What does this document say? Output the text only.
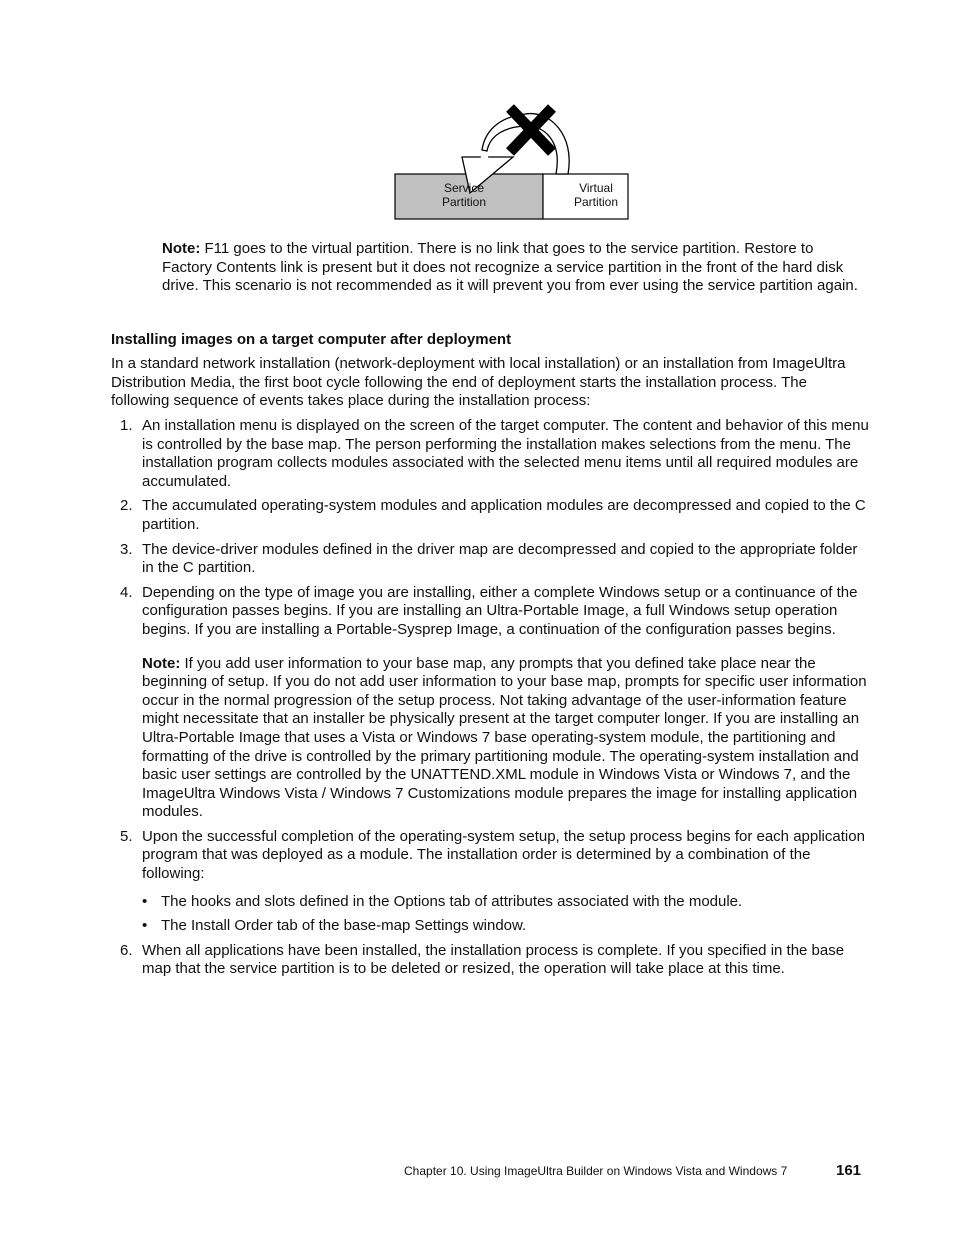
Service
Partition
Virtual
Partition
Note: F11 goes to the virtual partition. There is no link that goes to the service partition. Restore to Factory Contents link is present but it does not recognize a service partition in the front of the hard disk drive. This scenario is not recommended as it will prevent you from ever using the service partition again.
Installing images on a target computer after deployment
In a standard network installation (network-deployment with local installation) or an installation from ImageUltra Distribution Media, the first boot cycle following the end of deployment starts the installation process. The following sequence of events takes place during the installation process:
1. An installation menu is displayed on the screen of the target computer. The content and behavior of this menu is controlled by the base map. The person performing the installation makes selections from the menu. The installation program collects modules associated with the selected menu items until all required modules are accumulated.
2. The accumulated operating-system modules and application modules are decompressed and copied to the C partition.
3. The device-driver modules defined in the driver map are decompressed and copied to the appropriate folder in the C partition.
4. Depending on the type of image you are installing, either a complete Windows setup or a continuance of the configuration passes begins. If you are installing an Ultra-Portable Image, a full Windows setup operation begins. If you are installing a Portable-Sysprep Image, a continuation of the configuration passes begins.
Note: If you add user information to your base map, any prompts that you defined take place near the beginning of setup. If you do not add user information to your base map, prompts for specific user information occur in the normal progression of the setup process. Not taking advantage of the user-information feature might necessitate that an installer be physically present at the target computer longer. If you are installing an Ultra-Portable Image that uses a Vista or Windows 7 base operating-system module, the partitioning and formatting of the drive is controlled by the primary partitioning module. The operating-system installation and basic user settings are controlled by the UNATTEND.XML module in Windows Vista or Windows 7, and the ImageUltra Windows Vista / Windows 7 Customizations module prepares the image for installing application modules.
5. Upon the successful completion of the operating-system setup, the setup process begins for each application program that was deployed as a module. The installation order is determined by a combination of the following:
• The hooks and slots defined in the Options tab of attributes associated with the module.
• The Install Order tab of the base-map Settings window.
6. When all applications have been installed, the installation process is complete. If you specified in the base map that the service partition is to be deleted or resized, the operation will take place at this time.
Chapter 10. Using ImageUltra Builder on Windows Vista and Windows 7	161
